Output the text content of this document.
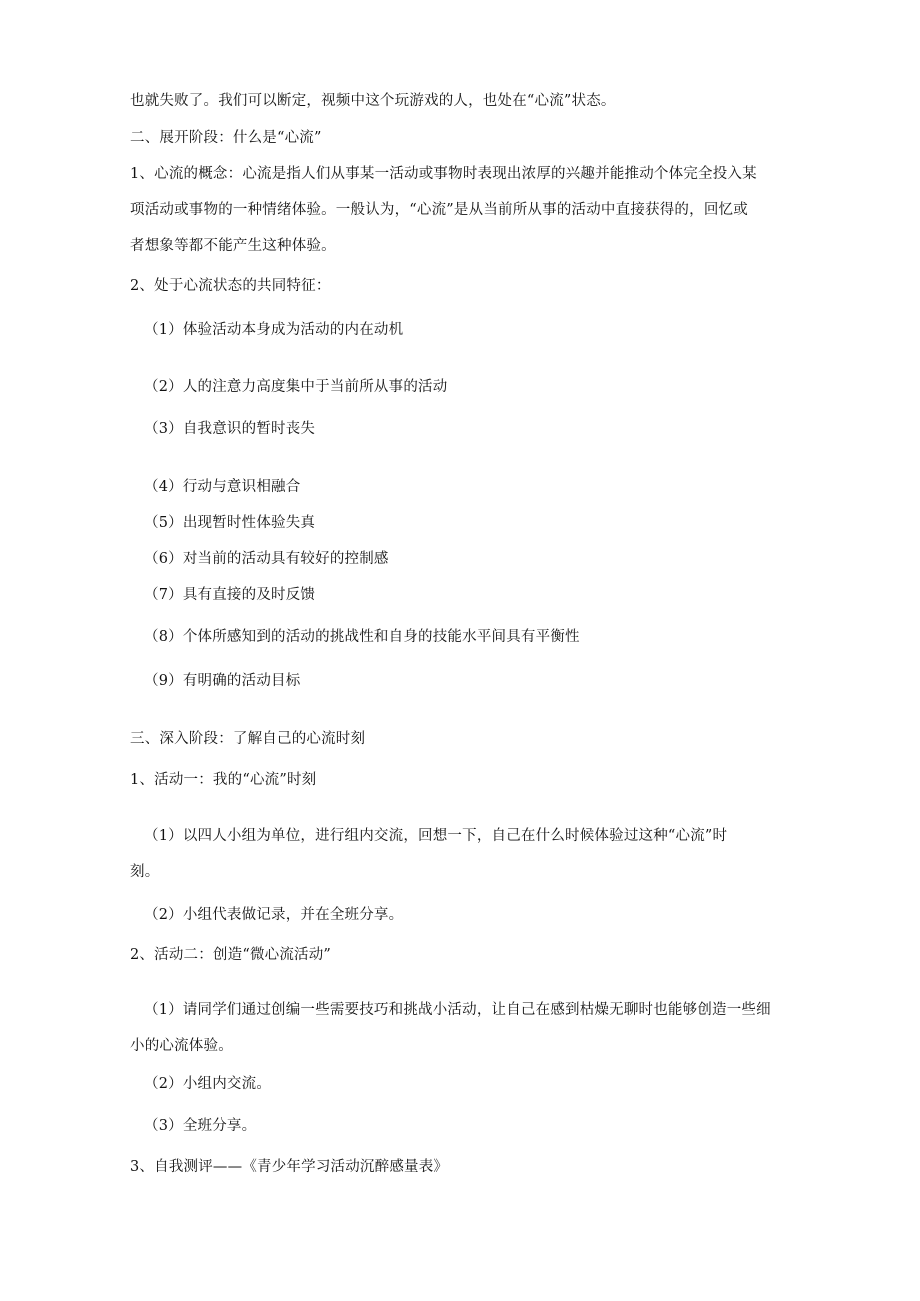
也就失败了。我们可以断定，视频中这个玩游戏的人，也处在“心流”状态。
二、展开阶段：什么是“心流”
1、心流的概念：心流是指人们从事某一活动或事物时表现出浓厚的兴趣并能推动个体完全投入某
项活动或事物的一种情绪体验。一般认为，“心流”是从当前所从事的活动中直接获得的，回忆或
者想象等都不能产生这种体验。
2、处于心流状态的共同特征：
（1）体验活动本身成为活动的内在动机
（2）人的注意力高度集中于当前所从事的活动
（3）自我意识的暂时丧失
（4）行动与意识相融合
（5）出现暂时性体验失真
（6）对当前的活动具有较好的控制感
（7）具有直接的及时反馈
（8）个体所感知到的活动的挑战性和自身的技能水平间具有平衡性
（9）有明确的活动目标
三、深入阶段：了解自己的心流时刻
1、活动一：我的“心流”时刻
（1）以四人小组为单位，进行组内交流，回想一下，自己在什么时候体验过这种“心流”时
刻。
（2）小组代表做记录，并在全班分享。
2、活动二：创造“微心流活动”
（1）请同学们通过创编一些需要技巧和挑战小活动，让自己在感到枯燥无聊时也能够创造一些细
小的心流体验。
（2）小组内交流。
（3）全班分享。
3、自我测评——《青少年学习活动沉醉感量表》
